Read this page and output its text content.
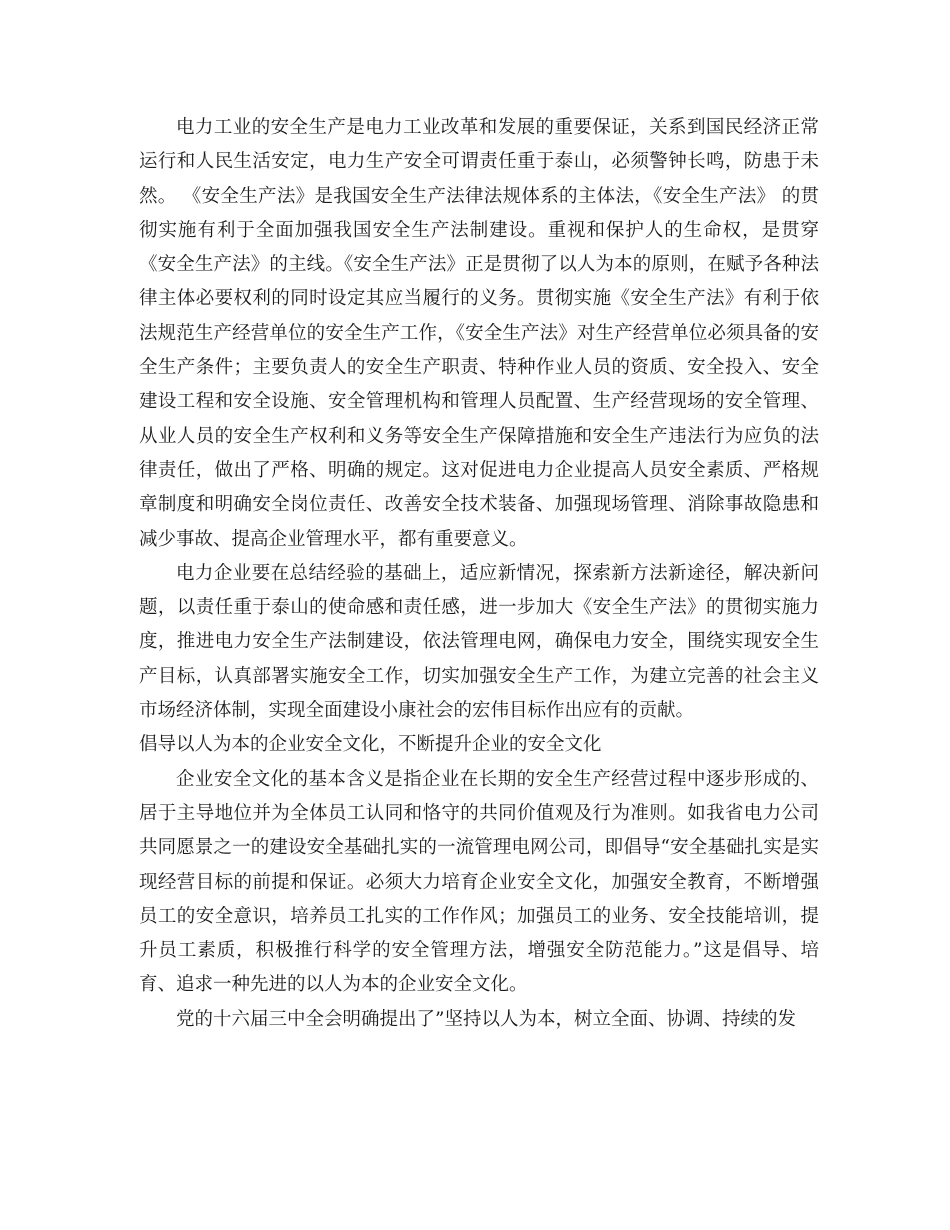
电力工业的安全生产是电力工业改革和发展的重要保证，关系到国民经济正常运行和人民生活安定，电力生产安全可谓责任重于泰山，必须警钟长鸣，防患于未然。 《安全生产法》是我国安全生产法律法规体系的主体法，《安全生产法》 的贯彻实施有利于全面加强我国安全生产法制建设。重视和保护人的生命权，是贯穿《安全生产法》的主线。《安全生产法》正是贯彻了以人为本的原则，在赋予各种法律主体必要权利的同时设定其应当履行的义务。贯彻实施《安全生产法》有利于依法规范生产经营单位的安全生产工作，《安全生产法》对生产经营单位必须具备的安全生产条件；主要负责人的安全生产职责、特种作业人员的资质、安全投入、安全建设工程和安全设施、安全管理机构和管理人员配置、生产经营现场的安全管理、从业人员的安全生产权利和义务等安全生产保障措施和安全生产违法行为应负的法律责任，做出了严格、明确的规定。这对促进电力企业提高人员安全素质、严格规章制度和明确安全岗位责任、改善安全技术装备、加强现场管理、消除事故隐患和减少事故、提高企业管理水平，都有重要意义。

电力企业要在总结经验的基础上，适应新情况，探索新方法新途径，解决新问题，以责任重于泰山的使命感和责任感，进一步加大《安全生产法》的贯彻实施力度，推进电力安全生产法制建设，依法管理电网，确保电力安全，围绕实现安全生产目标，认真部署实施安全工作，切实加强安全生产工作，为建立完善的社会主义市场经济体制，实现全面建设小康社会的宏伟目标作出应有的贡献。

倡导以人为本的企业安全文化，不断提升企业的安全文化

企业安全文化的基本含义是指企业在长期的安全生产经营过程中逐步形成的、居于主导地位并为全体员工认同和恪守的共同价值观及行为准则。如我省电力公司共同愿景之一的建设安全基础扎实的一流管理电网公司，即倡导“安全基础扎实是实现经营目标的前提和保证。必须大力培育企业安全文化，加强安全教育，不断增强员工的安全意识，培养员工扎实的工作作风；加强员工的业务、安全技能培训，提升员工素质，积极推行科学的安全管理方法，增强安全防范能力。”这是倡导、培育、追求一种先进的以人为本的企业安全文化。

党的十六届三中全会明确提出了”坚持以人为本，树立全面、协调、持续的发
